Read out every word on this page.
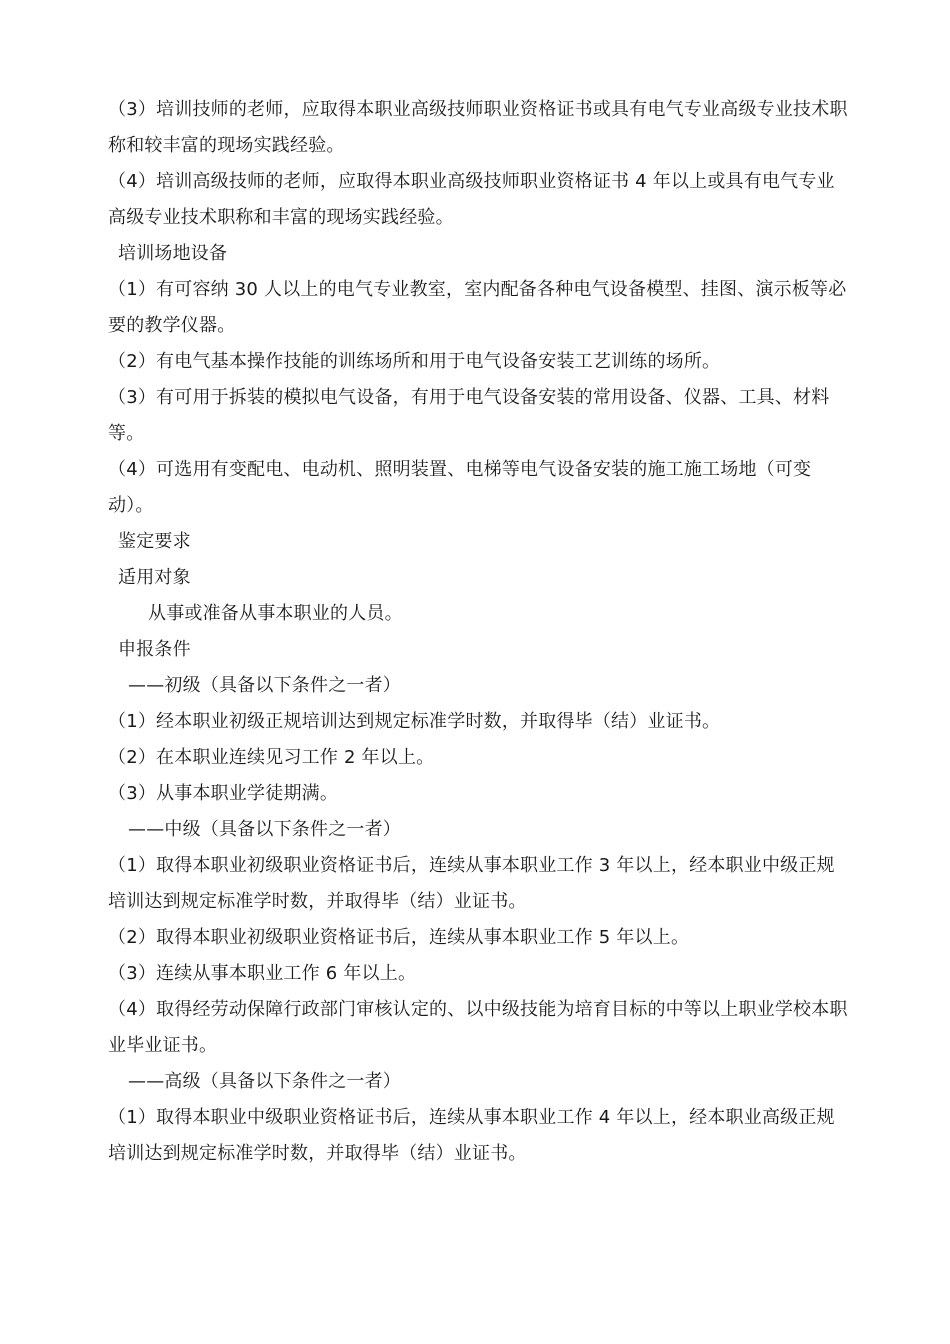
（3）培训技师的老师，应取得本职业高级技师职业资格证书或具有电气专业高级专业技术职称和较丰富的现场实践经验。

（4）培训高级技师的老师，应取得本职业高级技师职业资格证书 4 年以上或具有电气专业高级专业技术职称和丰富的现场实践经验。

培训场地设备

（1）有可容纳 30 人以上的电气专业教室，室内配备各种电气设备模型、挂图、演示板等必要的教学仪器。

（2）有电气基本操作技能的训练场所和用于电气设备安装工艺训练的场所。

（3）有可用于拆装的模拟电气设备，有用于电气设备安装的常用设备、仪器、工具、材料等。

（4）可选用有变配电、电动机、照明装置、电梯等电气设备安装的施工施工场地（可变动）。

鉴定要求

适用对象

从事或准备从事本职业的人员。

申报条件

——初级（具备以下条件之一者）

（1）经本职业初级正规培训达到规定标准学时数，并取得毕（结）业证书。

（2）在本职业连续见习工作 2 年以上。

（3）从事本职业学徒期满。

——中级（具备以下条件之一者）

（1）取得本职业初级职业资格证书后，连续从事本职业工作 3 年以上，经本职业中级正规培训达到规定标准学时数，并取得毕（结）业证书。

（2）取得本职业初级职业资格证书后，连续从事本职业工作 5 年以上。

（3）连续从事本职业工作 6 年以上。

（4）取得经劳动保障行政部门审核认定的、以中级技能为培育目标的中等以上职业学校本职业毕业证书。

——高级（具备以下条件之一者）

（1）取得本职业中级职业资格证书后，连续从事本职业工作 4 年以上，经本职业高级正规培训达到规定标准学时数，并取得毕（结）业证书。
